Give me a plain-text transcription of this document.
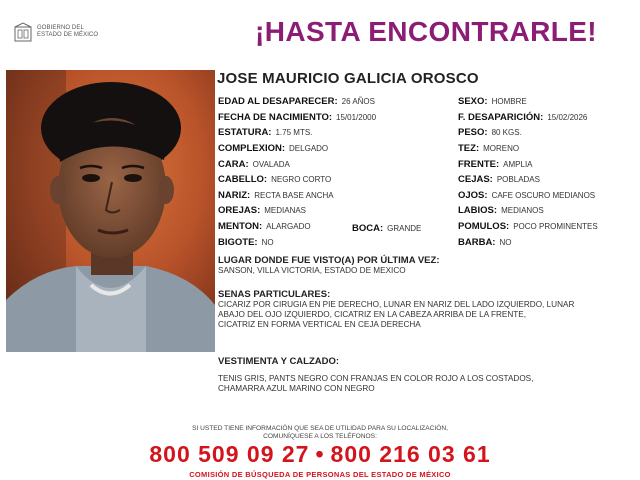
GOBIERNO DEL
ESTADO DE MÉXICO	¡HASTA ENCONTRARLE!
JOSE MAURICIO GALICIA OROSCO
EDAD AL DESAPARECER: 26 AÑOS
FECHA DE NACIMIENTO: 15/01/2000
ESTATURA: 1.75 MTS.
COMPLEXION: DELGADO
CARA: OVALADA
CABELLO: NEGRO CORTO
NARIZ: RECTA BASE ANCHA
OREJAS: MEDIANAS
MENTON: ALARGADO	BOCA: GRANDE
BIGOTE: NO
SEXO: HOMBRE
F. DESAPARICIÓN: 15/02/2026
PESO: 80 KGS.
TEZ: MORENO
FRENTE: AMPLIA
CEJAS: POBLADAS
OJOS: CAFE OSCURO MEDIANOS
LABIOS: MEDIANOS
POMULOS: POCO PROMINENTES
BARBA: NO
LUGAR DONDE FUE VISTO(A) POR ÚLTIMA VEZ:
SANSON, VILLA VICTORIA, ESTADO DE MEXICO
SENAS PARTICULARES:
CICARIZ POR CIRUGIA EN PIE DERECHO, LUNAR EN NARIZ DEL LADO IZQUIERDO, LUNAR
ABAJO DEL OJO IZQUIERDO, CICATRIZ EN LA CABEZA ARRIBA DE LA FRENTE,
CICATRIZ EN FORMA VERTICAL EN CEJA DERECHA
VESTIMENTA Y CALZADO:
TENIS GRIS, PANTS NEGRO CON FRANJAS EN COLOR ROJO A LOS COSTADOS,
CHAMARRA AZUL MARINO CON NEGRO
SI USTED TIENE INFORMACIÓN QUE SEA DE UTILIDAD PARA SU LOCALIZACIÓN,
COMUNÍQUESE A LOS TELÉFONOS:
800 509 09 27 • 800 216 03 61
COMISIÓN DE BÚSQUEDA DE PERSONAS DEL ESTADO DE MÉXICO
